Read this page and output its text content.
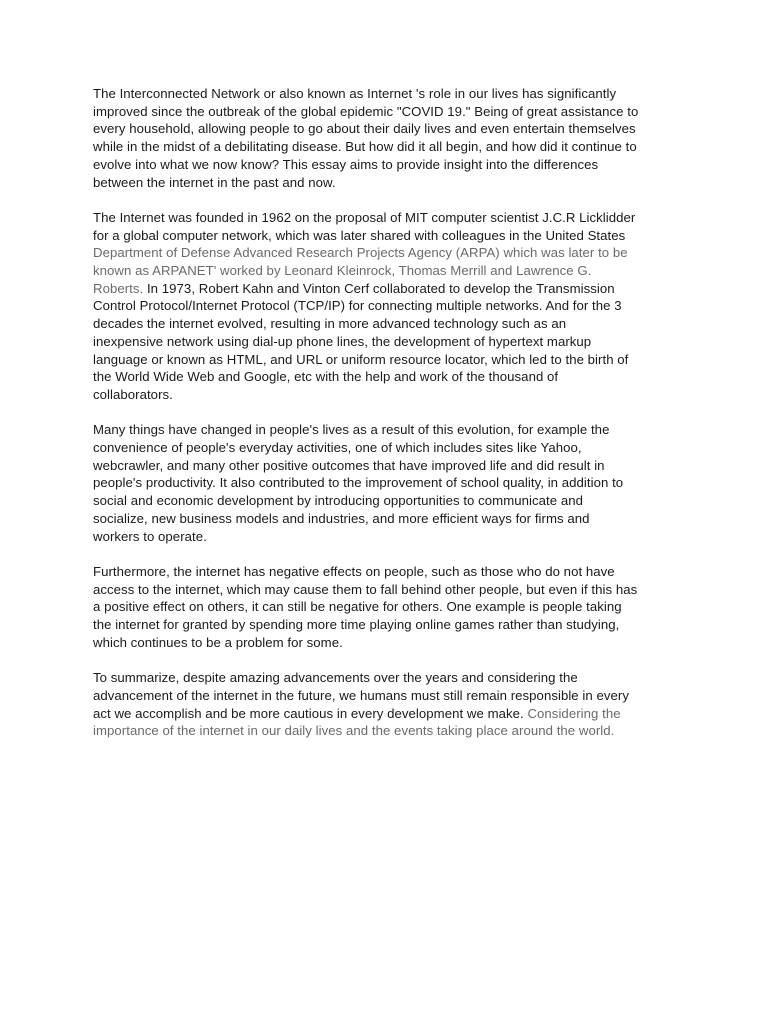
The Interconnected Network or also known as Internet 's role in our lives has significantly
improved since the outbreak of the global epidemic "COVID 19." Being of great assistance to
every household, allowing people to go about their daily lives and even entertain themselves
while in the midst of a debilitating disease. But how did it all begin, and how did it continue to
evolve into what we now know? This essay aims to provide insight into the differences
between the internet in the past and now.

The Internet was founded in 1962 on the proposal of MIT computer scientist J.C.R Licklidder
for a global computer network, which was later shared with colleagues in the United States
Department of Defense Advanced Research Projects Agency (ARPA) which was later to be
known as ARPANET' worked by Leonard Kleinrock, Thomas Merrill and Lawrence G.
Roberts. In 1973, Robert Kahn and Vinton Cerf collaborated to develop the Transmission
Control Protocol/Internet Protocol (TCP/IP) for connecting multiple networks. And for the 3
decades the internet evolved, resulting in more advanced technology such as an
inexpensive network using dial-up phone lines, the development of hypertext markup
language or known as HTML, and URL or uniform resource locator, which led to the birth of
the World Wide Web and Google, etc with the help and work of the thousand of
collaborators.

Many things have changed in people's lives as a result of this evolution, for example the
convenience of people's everyday activities, one of which includes sites like Yahoo,
webcrawler, and many other positive outcomes that have improved life and did result in
people's productivity. It also contributed to the improvement of school quality, in addition to
social and economic development by introducing opportunities to communicate and
socialize, new business models and industries, and more efficient ways for firms and
workers to operate.

Furthermore, the internet has negative effects on people, such as those who do not have
access to the internet, which may cause them to fall behind other people, but even if this has
a positive effect on others, it can still be negative for others. One example is people taking
the internet for granted by spending more time playing online games rather than studying,
which continues to be a problem for some.

To summarize, despite amazing advancements over the years and considering the
advancement of the internet in the future, we humans must still remain responsible in every
act we accomplish and be more cautious in every development we make. Considering the
importance of the internet in our daily lives and the events taking place around the world.
